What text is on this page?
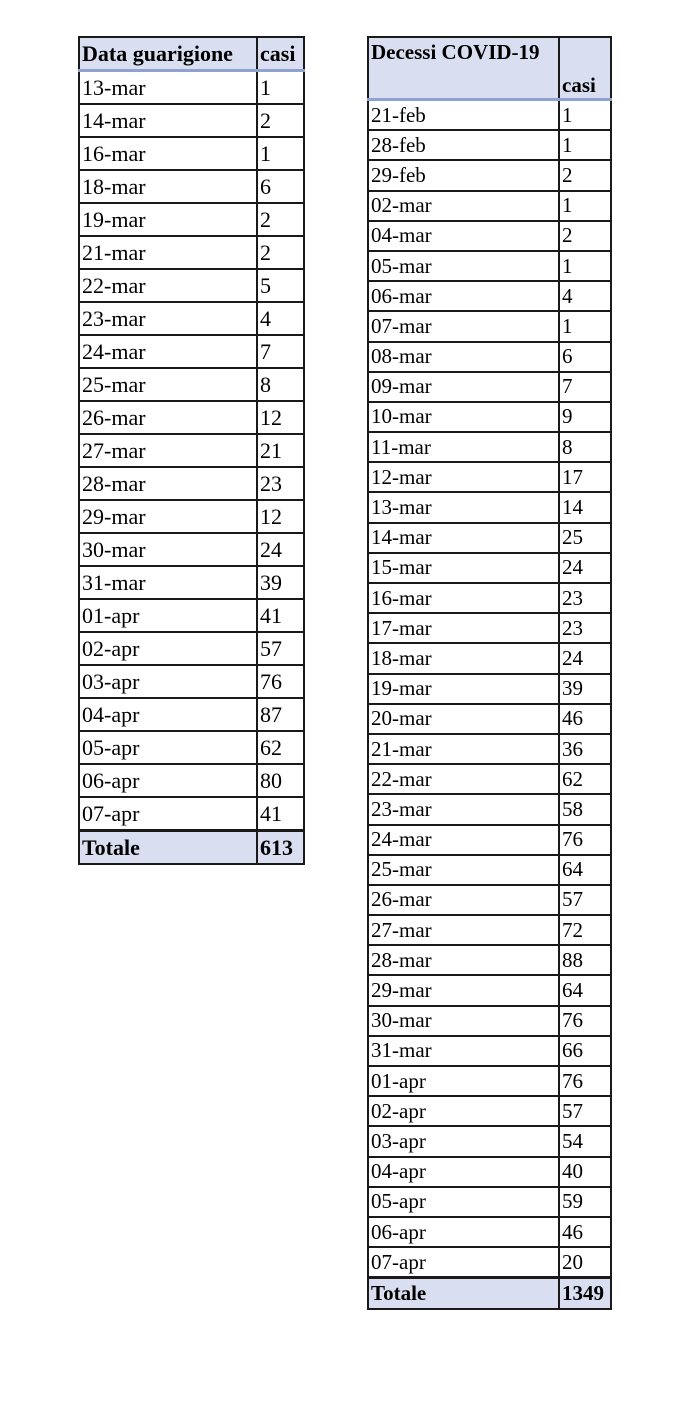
Data guarigione	casi
13-mar	1
14-mar	2
16-mar	1
18-mar	6
19-mar	2
21-mar	2
22-mar	5
23-mar	4
24-mar	7
25-mar	8
26-mar	12
27-mar	21
28-mar	23
29-mar	12
30-mar	24
31-mar	39
01-apr	41
02-apr	57
03-apr	76
04-apr	87
05-apr	62
06-apr	80
07-apr	41
Totale	613
Decessi COVID-19	casi
21-feb	1
28-feb	1
29-feb	2
02-mar	1
04-mar	2
05-mar	1
06-mar	4
07-mar	1
08-mar	6
09-mar	7
10-mar	9
11-mar	8
12-mar	17
13-mar	14
14-mar	25
15-mar	24
16-mar	23
17-mar	23
18-mar	24
19-mar	39
20-mar	46
21-mar	36
22-mar	62
23-mar	58
24-mar	76
25-mar	64
26-mar	57
27-mar	72
28-mar	88
29-mar	64
30-mar	76
31-mar	66
01-apr	76
02-apr	57
03-apr	54
04-apr	40
05-apr	59
06-apr	46
07-apr	20
Totale	1349
